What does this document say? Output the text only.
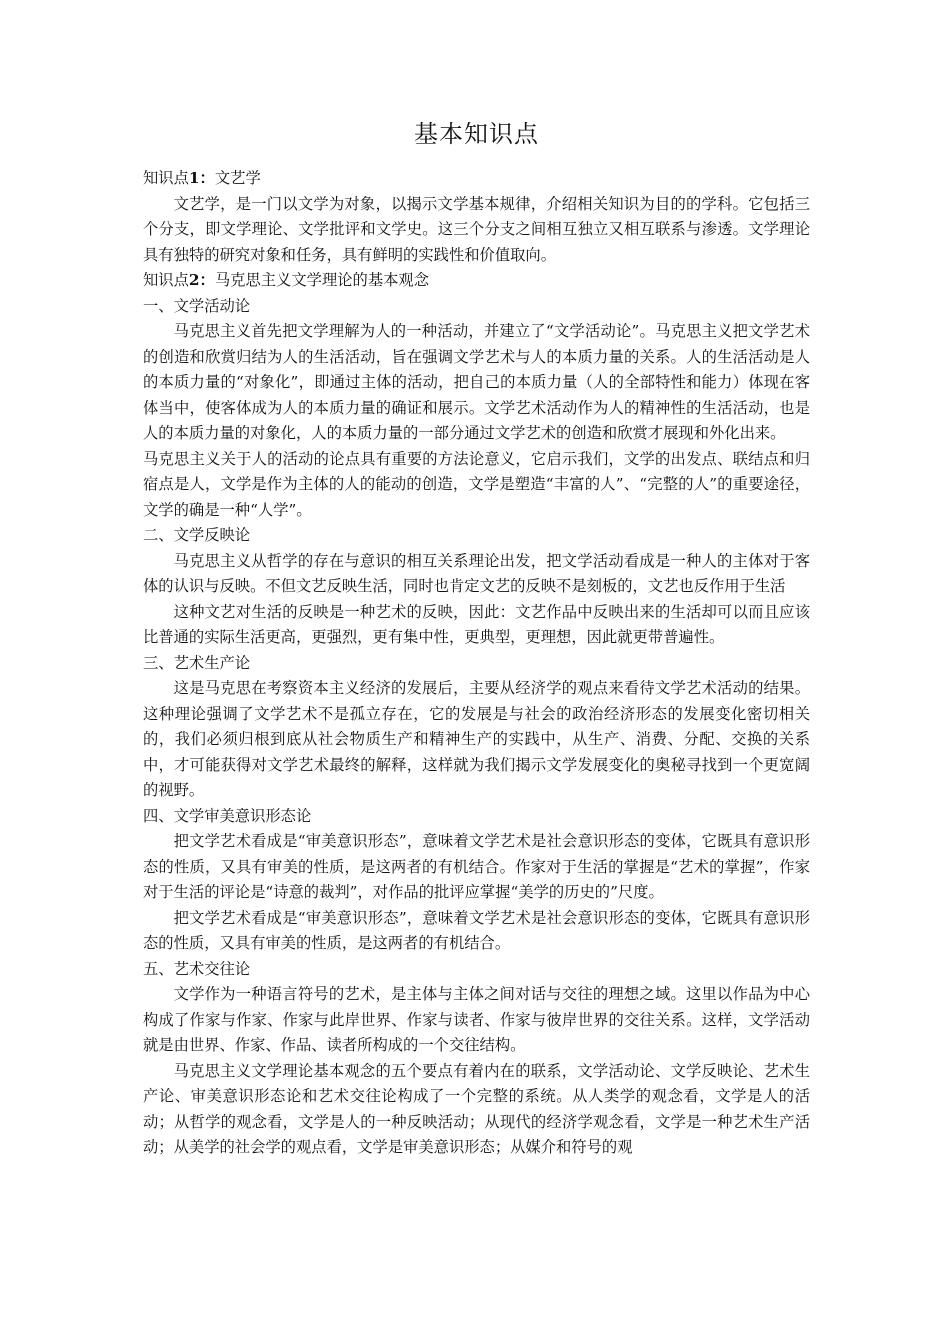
基本知识点

知识点1：文艺学

文艺学，是一门以文学为对象，以揭示文学基本规律，介绍相关知识为目的的学科。它包括三个分支，即文学理论、文学批评和文学史。这三个分支之间相互独立又相互联系与渗透。文学理论具有独特的研究对象和任务，具有鲜明的实践性和价值取向。

知识点2：马克思主义文学理论的基本观念

一、文学活动论

马克思主义首先把文学理解为人的一种活动，并建立了“文学活动论”。马克思主义把文学艺术的创造和欣赏归结为人的生活活动，旨在强调文学艺术与人的本质力量的关系。人的生活活动是人的本质力量的“对象化”，即通过主体的活动，把自己的本质力量（人的全部特性和能力）体现在客体当中，使客体成为人的本质力量的确证和展示。文学艺术活动作为人的精神性的生活活动，也是人的本质力量的对象化，人的本质力量的一部分通过文学艺术的创造和欣赏才展现和外化出来。

马克思主义关于人的活动的论点具有重要的方法论意义，它启示我们，文学的出发点、联结点和归宿点是人，文学是作为主体的人的能动的创造，文学是塑造“丰富的人”、“完整的人”的重要途径，文学的确是一种“人学”。

二、文学反映论

马克思主义从哲学的存在与意识的相互关系理论出发，把文学活动看成是一种人的主体对于客体的认识与反映。不但文艺反映生活，同时也肯定文艺的反映不是刻板的，文艺也反作用于生活

这种文艺对生活的反映是一种艺术的反映，因此：文艺作品中反映出来的生活却可以而且应该比普通的实际生活更高，更强烈，更有集中性，更典型，更理想，因此就更带普遍性。

三、艺术生产论

这是马克思在考察资本主义经济的发展后，主要从经济学的观点来看待文学艺术活动的结果。这种理论强调了文学艺术不是孤立存在，它的发展是与社会的政治经济形态的发展变化密切相关的，我们必须归根到底从社会物质生产和精神生产的实践中，从生产、消费、分配、交换的关系中，才可能获得对文学艺术最终的解释，这样就为我们揭示文学发展变化的奥秘寻找到一个更宽阔的视野。

四、文学审美意识形态论

把文学艺术看成是“审美意识形态”，意味着文学艺术是社会意识形态的变体，它既具有意识形态的性质，又具有审美的性质，是这两者的有机结合。作家对于生活的掌握是“艺术的掌握”，作家对于生活的评论是“诗意的裁判”，对作品的批评应掌握“美学的历史的”尺度。

把文学艺术看成是“审美意识形态”，意味着文学艺术是社会意识形态的变体，它既具有意识形态的性质，又具有审美的性质，是这两者的有机结合。

五、艺术交往论

文学作为一种语言符号的艺术，是主体与主体之间对话与交往的理想之域。这里以作品为中心构成了作家与作家、作家与此岸世界、作家与读者、作家与彼岸世界的交往关系。这样，文学活动就是由世界、作家、作品、读者所构成的一个交往结构。

马克思主义文学理论基本观念的五个要点有着内在的联系，文学活动论、文学反映论、艺术生产论、审美意识形态论和艺术交往论构成了一个完整的系统。从人类学的观念看，文学是人的活动；从哲学的观念看，文学是人的一种反映活动；从现代的经济学观念看，文学是一种艺术生产活动；从美学的社会学的观点看，文学是审美意识形态；从媒介和符号的观
